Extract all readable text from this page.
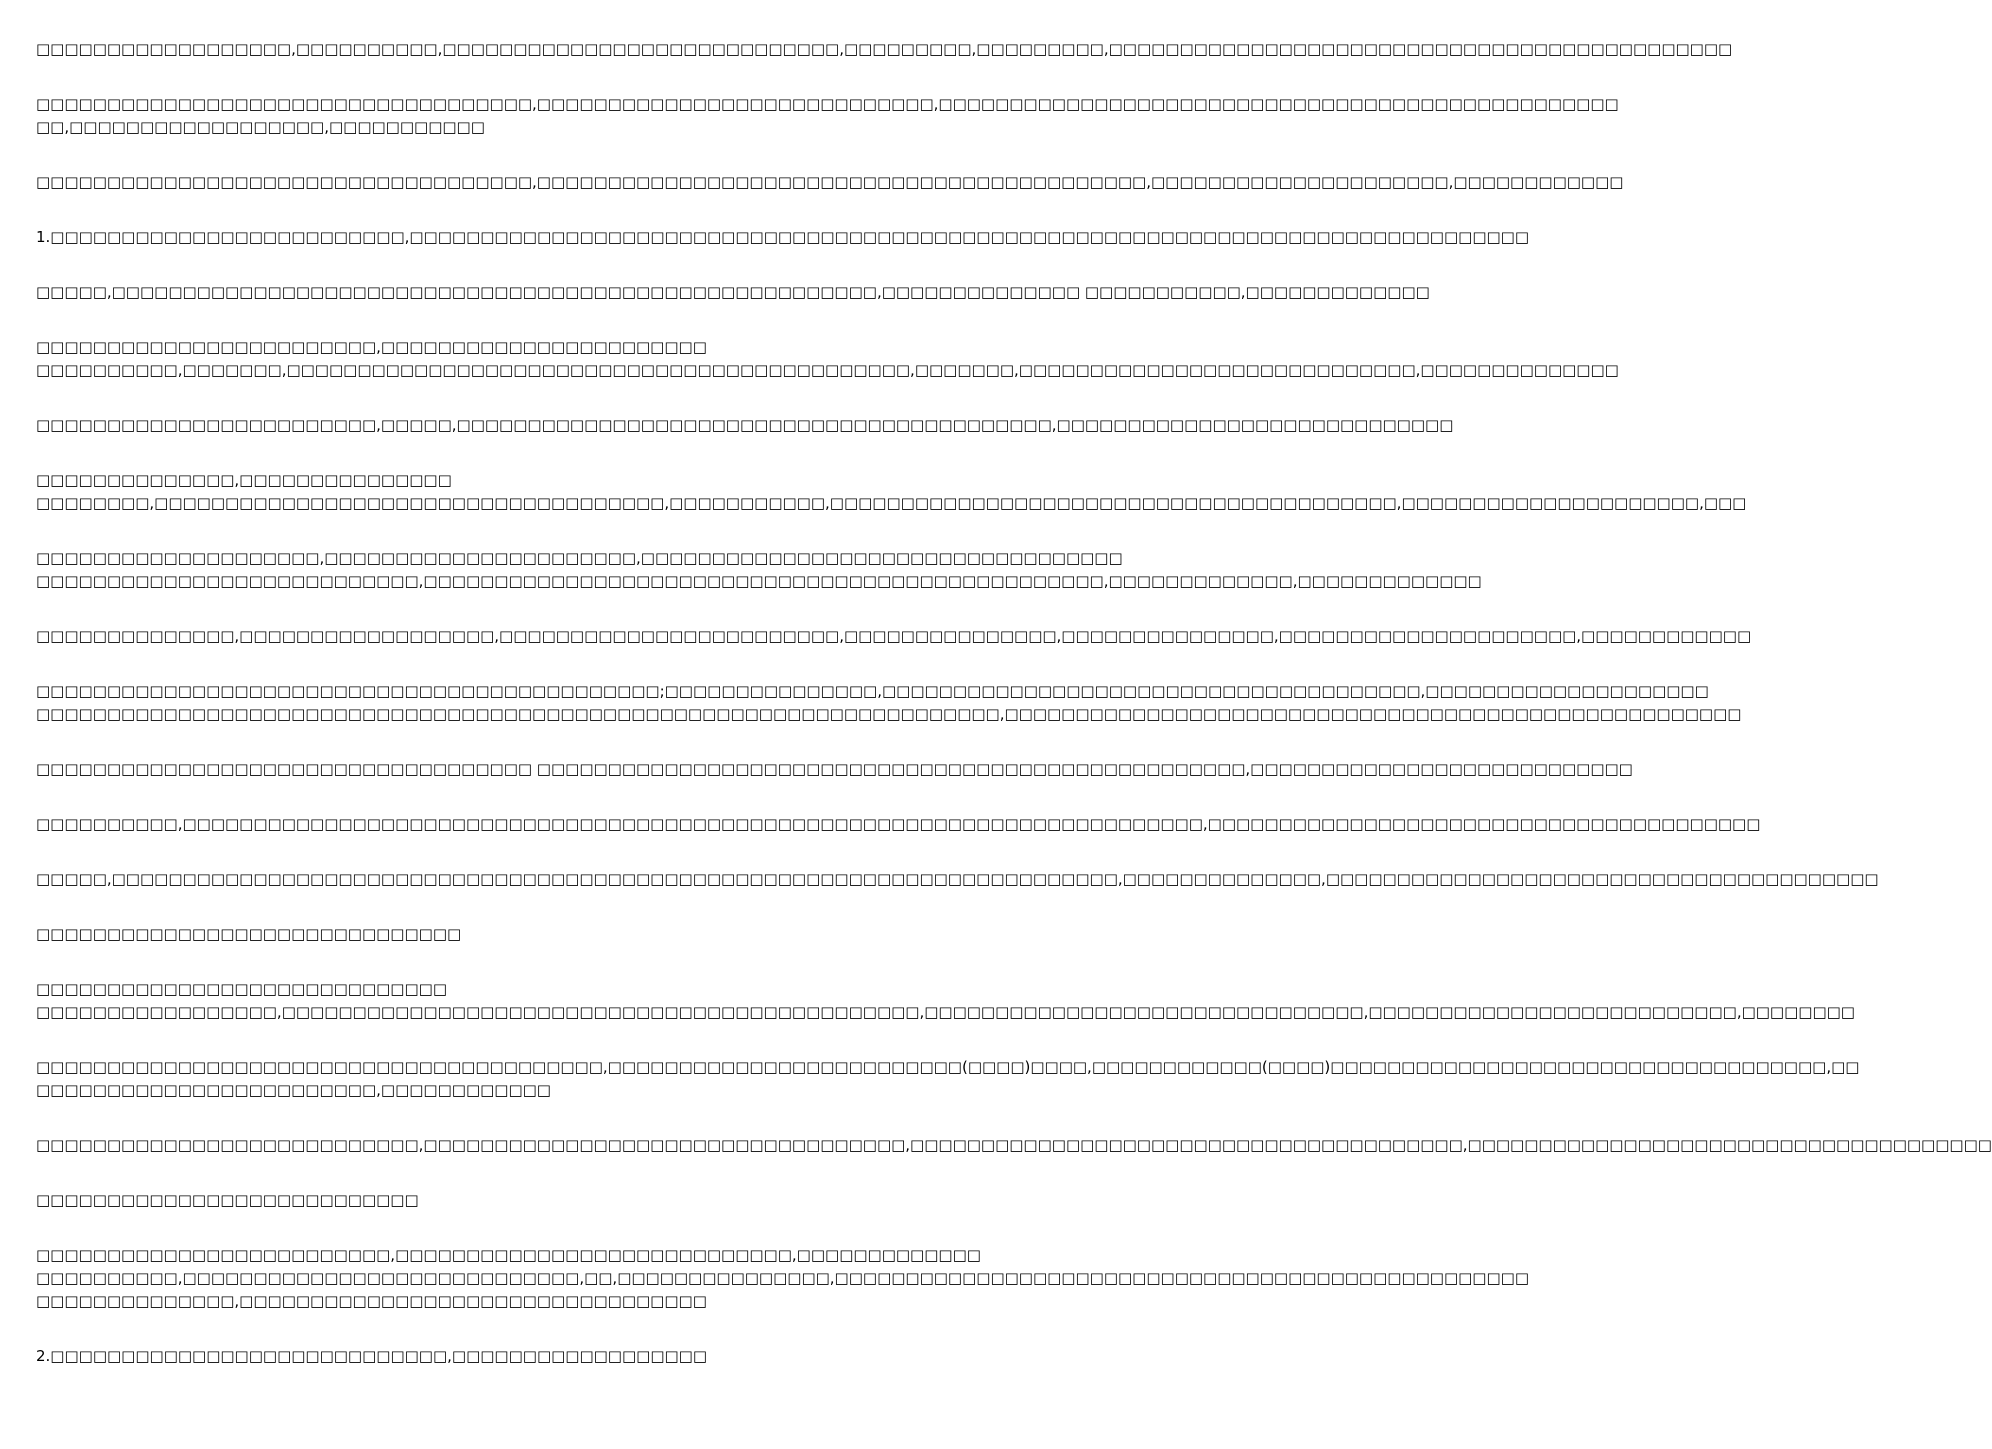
□□□□□□□□□□□□□□□□□□,□□□□□□□□□□,□□□□□□□□□□□□□□□□□□□□□□□□□□□□,□□□□□□□□□,□□□□□□□□□,□□□□□□□□□□□□□□□□□□□□□□□□□□□□□□□□□□□□□□□□□□□□
□□□□□□□□□□□□□□□□□□□□□□□□□□□□□□□□□□□,□□□□□□□□□□□□□□□□□□□□□□□□□□□□,□□□□□□□□□□□□□□□□□□□□□□□□□□□□□□□□□□□□□□□□□□□□□□□□
□□,□□□□□□□□□□□□□□□□□□,□□□□□□□□□□□
□□□□□□□□□□□□□□□□□□□□□□□□□□□□□□□□□□□,□□□□□□□□□□□□□□□□□□□□□□□□□□□□□□□□□□□□□□□□□□□,□□□□□□□□□□□□□□□□□□□□□,□□□□□□□□□□□□
1.□□□□□□□□□□□□□□□□□□□□□□□□□,□□□□□□□□□□□□□□□□□□□□□□□□□□□□□□□□□□□□□□□□□□□□□□□□□□□□□□□□□□□□□□□□□□□□□□□□□□□□□□□
□□□□□,□□□□□□□□□□□□□□□□□□□□□□□□□□□□□□□□□□□□□□□□□□□□□□□□□□□□□□,□□□□□□□□□□□□□□ □□□□□□□□□□□,□□□□□□□□□□□□□
□□□□□□□□□□□□□□□□□□□□□□□□,□□□□□□□□□□□□□□□□□□□□□□□
□□□□□□□□□□,□□□□□□□,□□□□□□□□□□□□□□□□□□□□□□□□□□□□□□□□□□□□□□□□□□□□,□□□□□□□,□□□□□□□□□□□□□□□□□□□□□□□□□□□□,□□□□□□□□□□□□□□
□□□□□□□□□□□□□□□□□□□□□□□□,□□□□□,□□□□□□□□□□□□□□□□□□□□□□□□□□□□□□□□□□□□□□□□□□,□□□□□□□□□□□□□□□□□□□□□□□□□□□□
□□□□□□□□□□□□□□,□□□□□□□□□□□□□□□
□□□□□□□□,□□□□□□□□□□□□□□□□□□□□□□□□□□□□□□□□□□□□,□□□□□□□□□□□,□□□□□□□□□□□□□□□□□□□□□□□□□□□□□□□□□□□□□□□□,□□□□□□□□□□□□□□□□□□□□□,□□□
□□□□□□□□□□□□□□□□□□□□,□□□□□□□□□□□□□□□□□□□□□□,□□□□□□□□□□□□□□□□□□□□□□□□□□□□□□□□□□
□□□□□□□□□□□□□□□□□□□□□□□□□□□,□□□□□□□□□□□□□□□□□□□□□□□□□□□□□□□□□□□□□□□□□□□□□□□□,□□□□□□□□□□□□□,□□□□□□□□□□□□□
□□□□□□□□□□□□□□,□□□□□□□□□□□□□□□□□□,□□□□□□□□□□□□□□□□□□□□□□□□,□□□□□□□□□□□□□□□,□□□□□□□□□□□□□□□,□□□□□□□□□□□□□□□□□□□□□,□□□□□□□□□□□□
□□□□□□□□□□□□□□□□□□□□□□□□□□□□□□□□□□□□□□□□□□□□;□□□□□□□□□□□□□□□,□□□□□□□□□□□□□□□□□□□□□□□□□□□□□□□□□□□□□□,□□□□□□□□□□□□□□□□□□□□
□□□□□□□□□□□□□□□□□□□□□□□□□□□□□□□□□□□□□□□□□□□□□□□□□□□□□□□□□□□□□□□□□□□□,□□□□□□□□□□□□□□□□□□□□□□□□□□□□□□□□□□□□□□□□□□□□□□□□□□□□
□□□□□□□□□□□□□□□□□□□□□□□□□□□□□□□□□□□ □□□□□□□□□□□□□□□□□□□□□□□□□□□□□□□□□□□□□□□□□□□□□□□□□□,□□□□□□□□□□□□□□□□□□□□□□□□□□□
□□□□□□□□□□,□□□□□□□□□□□□□□□□□□□□□□□□□□□□□□□□□□□□□□□□□□□□□□□□□□□□□□□□□□□□□□□□□□□□□□□□,□□□□□□□□□□□□□□□□□□□□□□□□□□□□□□□□□□□□□□□
□□□□□,□□□□□□□□□□□□□□□□□□□□□□□□□□□□□□□□□□□□□□□□□□□□□□□□□□□□□□□□□□□□□□□□□□□□□□□,□□□□□□□□□□□□□□,□□□□□□□□□□□□□□□□□□□□□□□□□□□□□□□□□□□□□□□
□□□□□□□□□□□□□□□□□□□□□□□□□□□□□□
□□□□□□□□□□□□□□□□□□□□□□□□□□□□□
□□□□□□□□□□□□□□□□□,□□□□□□□□□□□□□□□□□□□□□□□□□□□□□□□□□□□□□□□□□□□□□,□□□□□□□□□□□□□□□□□□□□□□□□□□□□□□□,□□□□□□□□□□□□□□□□□□□□□□□□□□,□□□□□□□□
□□□□□□□□□□□□□□□□□□□□□□□□□□□□□□□□□□□□□□□□,□□□□□□□□□□□□□□□□□□□□□□□□□(□□□□)□□□□,□□□□□□□□□□□□(□□□□)□□□□□□□□□□□□□□□□□□□□□□□□□□□□□□□□□□□,□□
□□□□□□□□□□□□□□□□□□□□□□□□,□□□□□□□□□□□□
□□□□□□□□□□□□□□□□□□□□□□□□□□□,□□□□□□□□□□□□□□□□□□□□□□□□□□□□□□□□□□,□□□□□□□□□□□□□□□□□□□□□□□□□□□□□□□□□□□□□□□,□□□□□□□□□□□□□□□□□□□□□□□□□□□□□□□□□□□□□
□□□□□□□□□□□□□□□□□□□□□□□□□□□
□□□□□□□□□□□□□□□□□□□□□□□□□,□□□□□□□□□□□□□□□□□□□□□□□□□□□□,□□□□□□□□□□□□□
□□□□□□□□□□,□□□□□□□□□□□□□□□□□□□□□□□□□□□□,□□,□□□□□□□□□□□□□□□,□□□□□□□□□□□□□□□□□□□□□□□□□□□□□□□□□□□□□□□□□□□□□□□□□
□□□□□□□□□□□□□□,□□□□□□□□□□□□□□□□□□□□□□□□□□□□□□□□□
2.□□□□□□□□□□□□□□□□□□□□□□□□□□□□,□□□□□□□□□□□□□□□□□□
